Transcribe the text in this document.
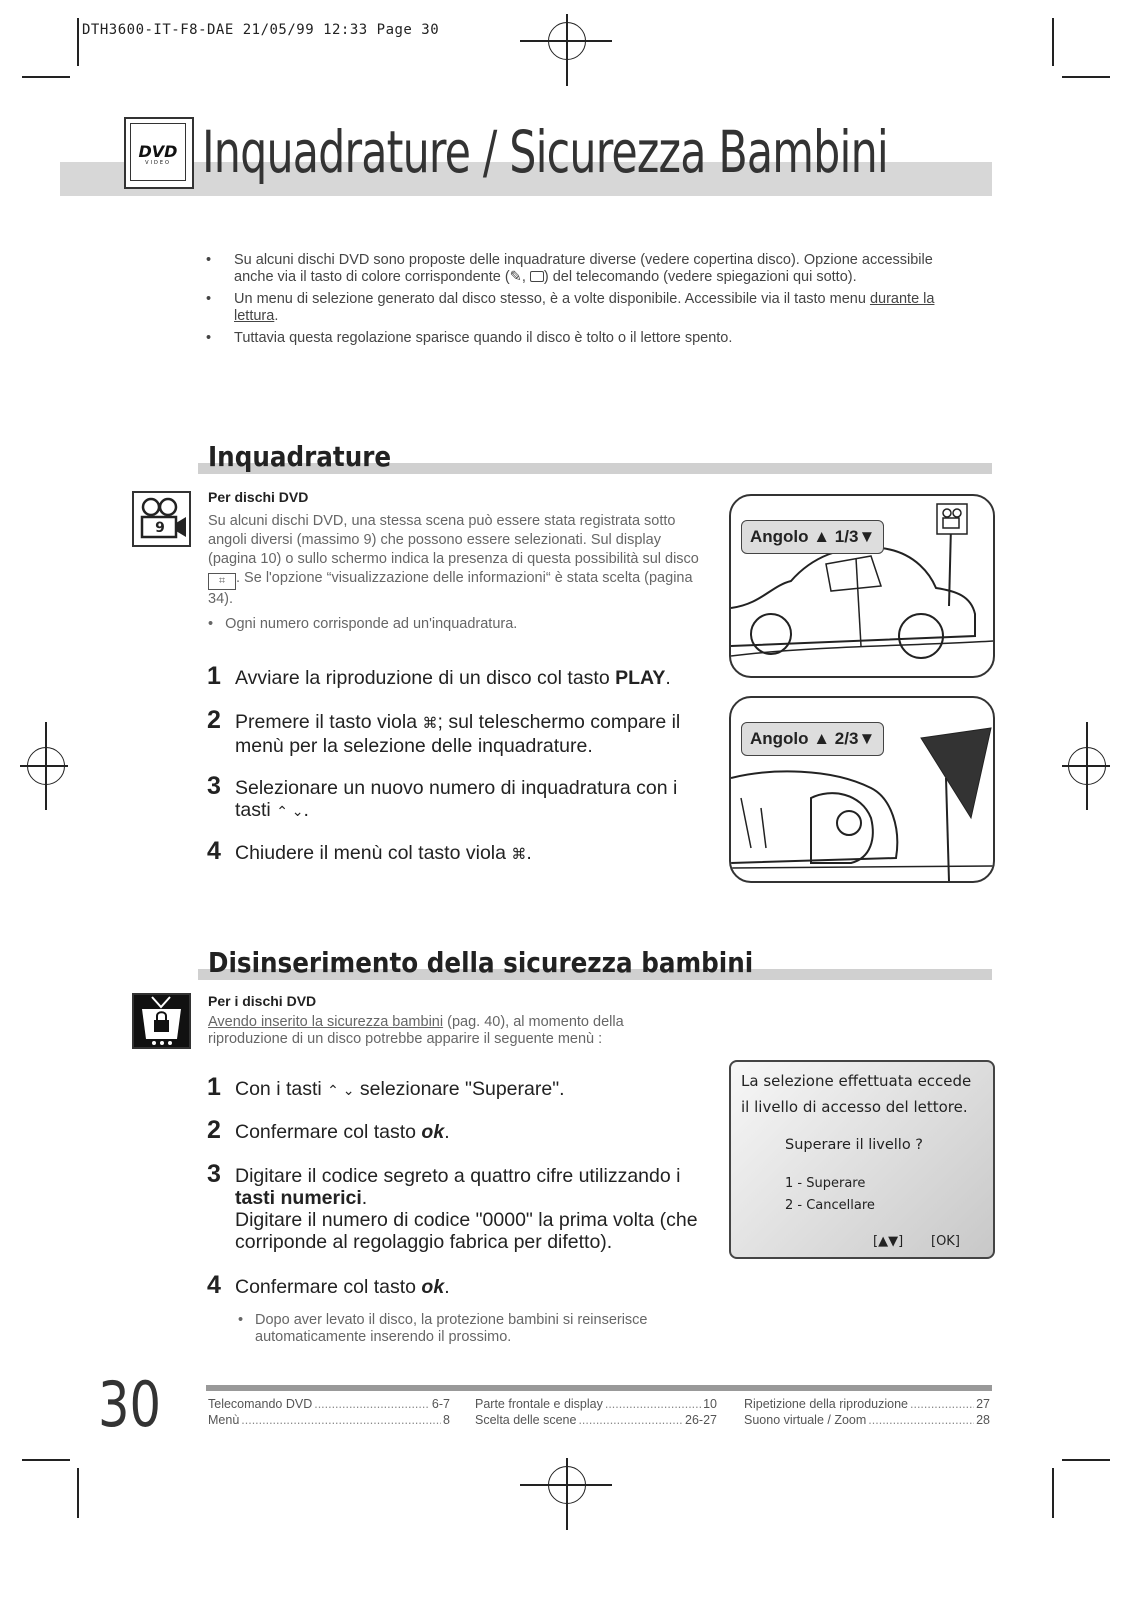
DTH3600-IT-F8-DAE 21/05/99 12:33 Page 30
DVD
VIDEO Inquadrature / Sicurezza Bambini
• Su alcuni dischi DVD sono proposte delle inquadrature diverse (vedere copertina disco). Opzione accessibile anche via il tasto di colore corrispondente (✎, ) del telecomando (vedere spiegazioni qui sotto).
• Un menu di selezione generato dal disco stesso, è a volte disponibile. Accessibile via il tasto menu durante la lettura.
• Tuttavia questa regolazione sparisce quando il disco è tolto o il lettore spento.
Inquadrature
9
Per dischi DVD
Su alcuni dischi DVD, una stessa scena può essere stata registrata sotto angoli diversi (massimo 9) che possono essere selezionati. Sul display (pagina 10) o sullo schermo indica la presenza di questa possibilità sul disco ⌗ . Se l'opzione “visualizzazione delle informazioni“ è stata scelta (pagina 34).
•   Ogni numero corrisponde ad un'inquadratura.
1 Avviare la riproduzione di un disco col tasto PLAY.
2 Premere il tasto viola ⌘; sul teleschermo compare il menù per la selezione delle inquadrature.
3 Selezionare un nuovo numero di inquadratura con i tasti ⌃ ⌄.
4 Chiudere il menù col tasto viola ⌘.
Angolo ▲ 1/3▼
Angolo ▲ 2/3▼
Disinserimento della sicurezza bambini
Per i dischi DVD
Avendo inserito la sicurezza bambini (pag. 40), al momento della riproduzione di un disco potrebbe apparire il seguente menù :
1 Con i tasti ⌃ ⌄ selezionare "Superare".
2 Confermare col tasto ok.
3 Digitare il codice segreto a quattro cifre utilizzando i tasti numerici.
Digitare il numero di codice "0000" la prima volta (che corriponde al regolaggio fabrica per difetto).
4 Confermare col tasto ok.
• Dopo aver levato il disco, la protezione bambini si reinserisce automaticamente inserendo il prossimo.
La selezione effettuata eccede
il livello di accesso del lettore.
Superare il livello ?
1 - Superare
2 - Cancellare
[▲▼] [OK]
30	Telecomando DVD .....	6-7
Menù .....	8
Parte frontale e display .....	10
Scelta delle scene .....	26-27
Ripetizione della riproduzione .....	27
Suono virtuale / Zoom .....	28
